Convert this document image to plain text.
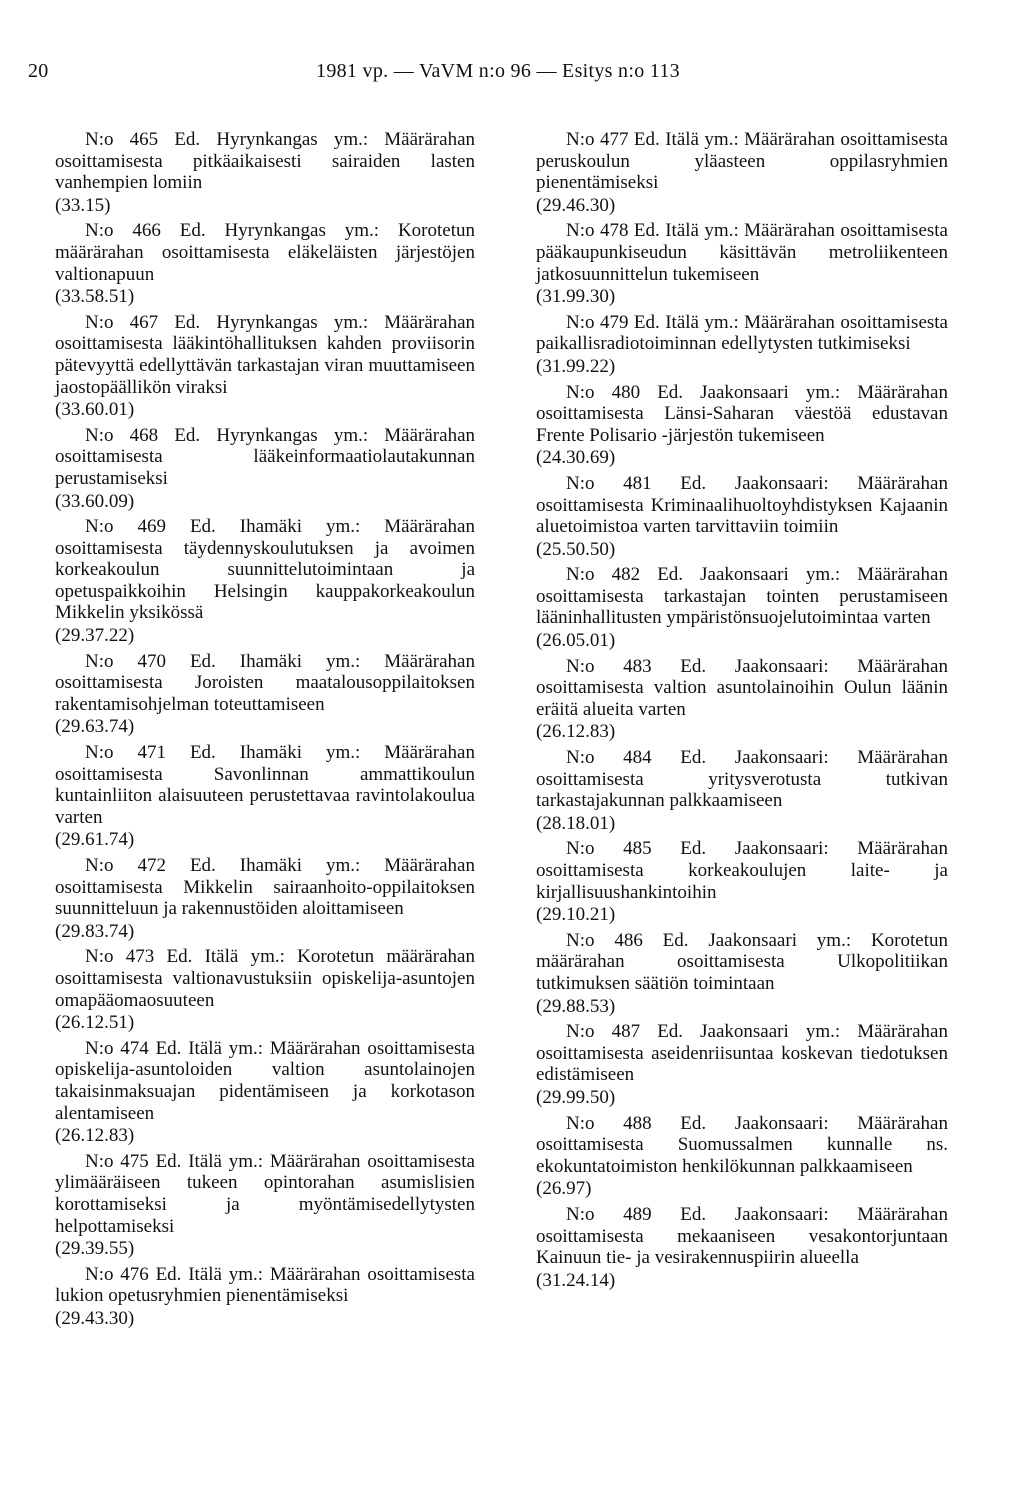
20	1981 vp. — VaVM n:o 96 — Esitys n:o 113

N:o 465 Ed. Hyrynkangas ym.: Määrärahan osoittamisesta pitkäaikaisesti sairaiden lasten vanhempien lomiin

(33.15)

N:o 466 Ed. Hyrynkangas ym.: Korotetun määrärahan osoittamisesta eläkeläisten järjestöjen valtionapuun

(33.58.51)

N:o 467 Ed. Hyrynkangas ym.: Määrärahan osoittamisesta lääkintöhallituksen kahden proviisorin pätevyyttä edellyttävän tarkastajan viran muuttamiseen jaostopäällikön viraksi

(33.60.01)

N:o 468 Ed. Hyrynkangas ym.: Määrärahan osoittamisesta lääkeinformaatiolautakunnan perustamiseksi

(33.60.09)

N:o 469 Ed. Ihamäki ym.: Määrärahan osoittamisesta täydennyskoulutuksen ja avoimen korkeakoulun suunnittelutoimintaan ja opetuspaikkoihin Helsingin kauppakorkeakoulun Mikkelin yksikössä

(29.37.22)

N:o 470 Ed. Ihamäki ym.: Määrärahan osoittamisesta Joroisten maatalousoppilaitoksen rakentamisohjelman toteuttamiseen

(29.63.74)

N:o 471 Ed. Ihamäki ym.: Määrärahan osoittamisesta Savonlinnan ammattikoulun kuntainliiton alaisuuteen perustettavaa ravintolakoulua varten

(29.61.74)

N:o 472 Ed. Ihamäki ym.: Määrärahan osoittamisesta Mikkelin sairaanhoito-oppilaitoksen suunnitteluun ja rakennustöiden aloittamiseen

(29.83.74)

N:o 473 Ed. Itälä ym.: Korotetun määrärahan osoittamisesta valtionavustuksiin opiskelija-asuntojen omapääomaosuuteen

(26.12.51)

N:o 474 Ed. Itälä ym.: Määrärahan osoittamisesta opiskelija-asuntoloiden valtion asuntolainojen takaisinmaksuajan pidentämiseen ja korkotason alentamiseen

(26.12.83)

N:o 475 Ed. Itälä ym.: Määrärahan osoittamisesta ylimääräiseen tukeen opintorahan asumislisien korottamiseksi ja myöntämisedellytysten helpottamiseksi

(29.39.55)

N:o 476 Ed. Itälä ym.: Määrärahan osoittamisesta lukion opetusryhmien pienentämiseksi

(29.43.30)

N:o 477 Ed. Itälä ym.: Määrärahan osoittamisesta peruskoulun yläasteen oppilasryhmien pienentämiseksi

(29.46.30)

N:o 478 Ed. Itälä ym.: Määrärahan osoittamisesta pääkaupunkiseudun käsittävän metroliikenteen jatkosuunnittelun tukemiseen

(31.99.30)

N:o 479 Ed. Itälä ym.: Määrärahan osoittamisesta paikallisradiotoiminnan edellytysten tutkimiseksi

(31.99.22)

N:o 480 Ed. Jaakonsaari ym.: Määrärahan osoittamisesta Länsi-Saharan väestöä edustavan Frente Polisario -järjestön tukemiseen

(24.30.69)

N:o 481 Ed. Jaakonsaari: Määrärahan osoittamisesta Kriminaalihuoltoyhdistyksen Kajaanin aluetoimistoa varten tarvittaviin toimiin

(25.50.50)

N:o 482 Ed. Jaakonsaari ym.: Määrärahan osoittamisesta tarkastajan tointen perustamiseen lääninhallitusten ympäristönsuojelutoimintaa varten

(26.05.01)

N:o 483 Ed. Jaakonsaari: Määrärahan osoittamisesta valtion asuntolainoihin Oulun läänin eräitä alueita varten

(26.12.83)

N:o 484 Ed. Jaakonsaari: Määrärahan osoittamisesta yritysverotusta tutkivan tarkastajakunnan palkkaamiseen

(28.18.01)

N:o 485 Ed. Jaakonsaari: Määrärahan osoittamisesta korkeakoulujen laite- ja kirjallisuushankintoihin

(29.10.21)

N:o 486 Ed. Jaakonsaari ym.: Korotetun määrärahan osoittamisesta Ulkopolitiikan tutkimuksen säätiön toimintaan

(29.88.53)

N:o 487 Ed. Jaakonsaari ym.: Määrärahan osoittamisesta aseidenriisuntaa koskevan tiedotuksen edistämiseen

(29.99.50)

N:o 488 Ed. Jaakonsaari: Määrärahan osoittamisesta Suomussalmen kunnalle ns. ekokuntatoimiston henkilökunnan palkkaamiseen

(26.97)

N:o 489 Ed. Jaakonsaari: Määrärahan osoittamisesta mekaaniseen vesakontorjuntaan Kainuun tie- ja vesirakennuspiirin alueella

(31.24.14)
